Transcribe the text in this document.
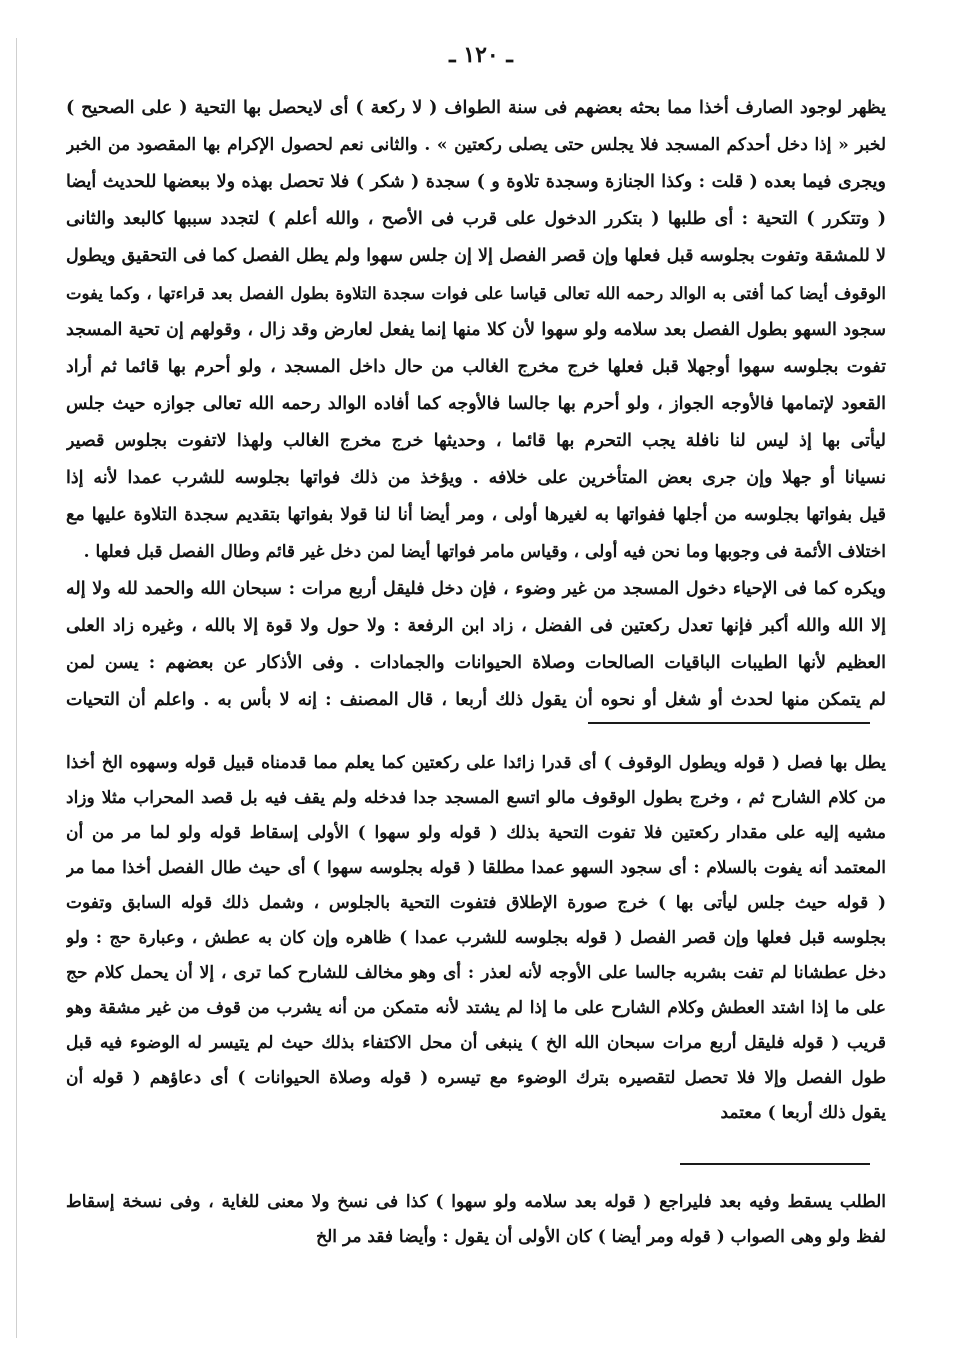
ـ ١٢٠ ـ
يظهر لوجود الصارف أخذا مما بحثه بعضهم فى سنة الطواف ( لا ركعة ) أى لايحصل بها التحية ( على الصحيح )
لخبر « إذا دخل أحدكم المسجد فلا يجلس حتى يصلى ركعتين » . والثانى نعم لحصول الإكرام بها المقصود من الخبر
ويجرى فيما بعده ( قلت : وكذا الجنازة وسجدة تلاوة و ) سجدة ( شكر ) فلا تحصل بهذه ولا ببعضها للحديث أيضا
( وتتكرر ) التحية : أى طلبها ( بتكرر الدخول على قرب فى الأصح ، والله أعلم ) لتجدد سببها كالبعد والثانى
لا للمشقة وتفوت بجلوسه قبل فعلها وإن قصر الفصل إلا إن جلس سهوا ولم يطل الفصل كما فى التحقيق ويطول
الوقوف أيضا كما أفتى به الوالد رحمه الله تعالى قياسا على فوات سجدة التلاوة بطول الفصل بعد قراءتها ، وكما يفوت
سجود السهو بطول الفصل بعد سلامه ولو سهوا لأن كلا منها إنما يفعل لعارض وقد زال ، وقولهم إن تحية المسجد
تفوت بجلوسه سهوا أوجهلا قبل فعلها خرج مخرج الغالب من حال داخل المسجد ، ولو أحرم بها قائما ثم أراد
القعود لإتمامها فالأوجه الجواز ، ولو أحرم بها جالسا فالأوجه كما أفاده الوالد رحمه الله تعالى جوازه حيث جلس
ليأتى بها إذ ليس لنا نافلة يجب التحرم بها قائما ، وحديثها خرج مخرج الغالب ولهذا لاتفوت بجلوس قصير
نسيانا أو جهلا وإن جرى بعض المتأخرين على خلافه . ويؤخذ من ذلك فواتها بجلوسه للشرب عمدا لأنه إذا
قيل بفواتها بجلوسه من أجلها ففواتها به لغيرها أولى ، ومر أيضا أنا لنا قولا بفواتها بتقديم سجدة التلاوة عليها مع
اختلاف الأئمة فى وجوبها وما نحن فيه أولى ، وقياس مامر فواتها أيضا لمن دخل غير قائم وطال الفصل قبل فعلها .
ويكره كما فى الإحياء دخول المسجد من غير وضوء ، فإن دخل فليقل أربع مرات : سبحان الله والحمد لله ولا إله
إلا الله والله أكبر فإنها تعدل ركعتين فى الفضل ، زاد ابن الرفعة : ولا حول ولا قوة إلا بالله ، وغيره زاد العلى
العظيم لأنها الطيبات الباقيات الصالحات وصلاة الحيوانات والجمادات . وفى الأذكار عن بعضهم : يسن لمن
لم يتمكن منها لحدث أو شغل أو نحوه أن يقول ذلك أربعا ، قال المصنف : إنه لا بأس به . واعلم أن التحيات
يطل بها فصل ( قوله ويطول الوقوف ) أى قدرا زائدا على ركعتين كما يعلم مما قدمناه قبيل قوله وسهوه الخ أخذا
من كلام الشارح ثم ، وخرج بطول الوقوف مالو اتسع المسجد جدا فدخله ولم يقف فيه بل قصد المحراب مثلا وزاد
مشيه إليه على مقدار ركعتين فلا تفوت التحية بذلك ( قوله ولو سهوا ) الأولى إسقاط قوله ولو لما مر من أن
المعتمد أنه يفوت بالسلام : أى سجود السهو عمدا مطلقا ( قوله بجلوسه سهوا ) أى حيث طال الفصل أخذا مما مر
( قوله حيث جلس ليأتى بها ) خرج صورة الإطلاق فتفوت التحية بالجلوس ، وشمل ذلك قوله السابق وتفوت
بجلوسه قبل فعلها وإن قصر الفصل ( قوله بجلوسه للشرب عمدا ) ظاهره وإن كان به عطش ، وعبارة حج : ولو
دخل عطشانا لم تفت بشربه جالسا على الأوجه لأنه لعذر : أى وهو مخالف للشارح كما ترى ، إلا أن يحمل كلام حج
على ما إذا اشتد العطش وكلام الشارح على ما إذا لم يشتد لأنه متمكن من أنه يشرب من قوف من غير مشقة وهو
قريب ( قوله فليقل أربع مرات سبحان الله الخ ) ينبغى أن محل الاكتفاء بذلك حيث لم يتيسر له الوضوء فيه قبل
طول الفصل وإلا فلا تحصل لتقصيره بترك الوضوء مع تيسره ( قوله وصلاة الحيوانات ) أى دعاؤهم ( قوله أن
يقول ذلك أربعا ) معتمد
الطلب يسقط وفيه بعد فليراجع ( قوله بعد سلامه ولو سهوا ) كذا فى نسخ ولا معنى للغاية ، وفى نسخة إسقاط
لفظ ولو وهى الصواب ( قوله ومر أيضا ) كان الأولى أن يقول : وأيضا فقد مر الخ
